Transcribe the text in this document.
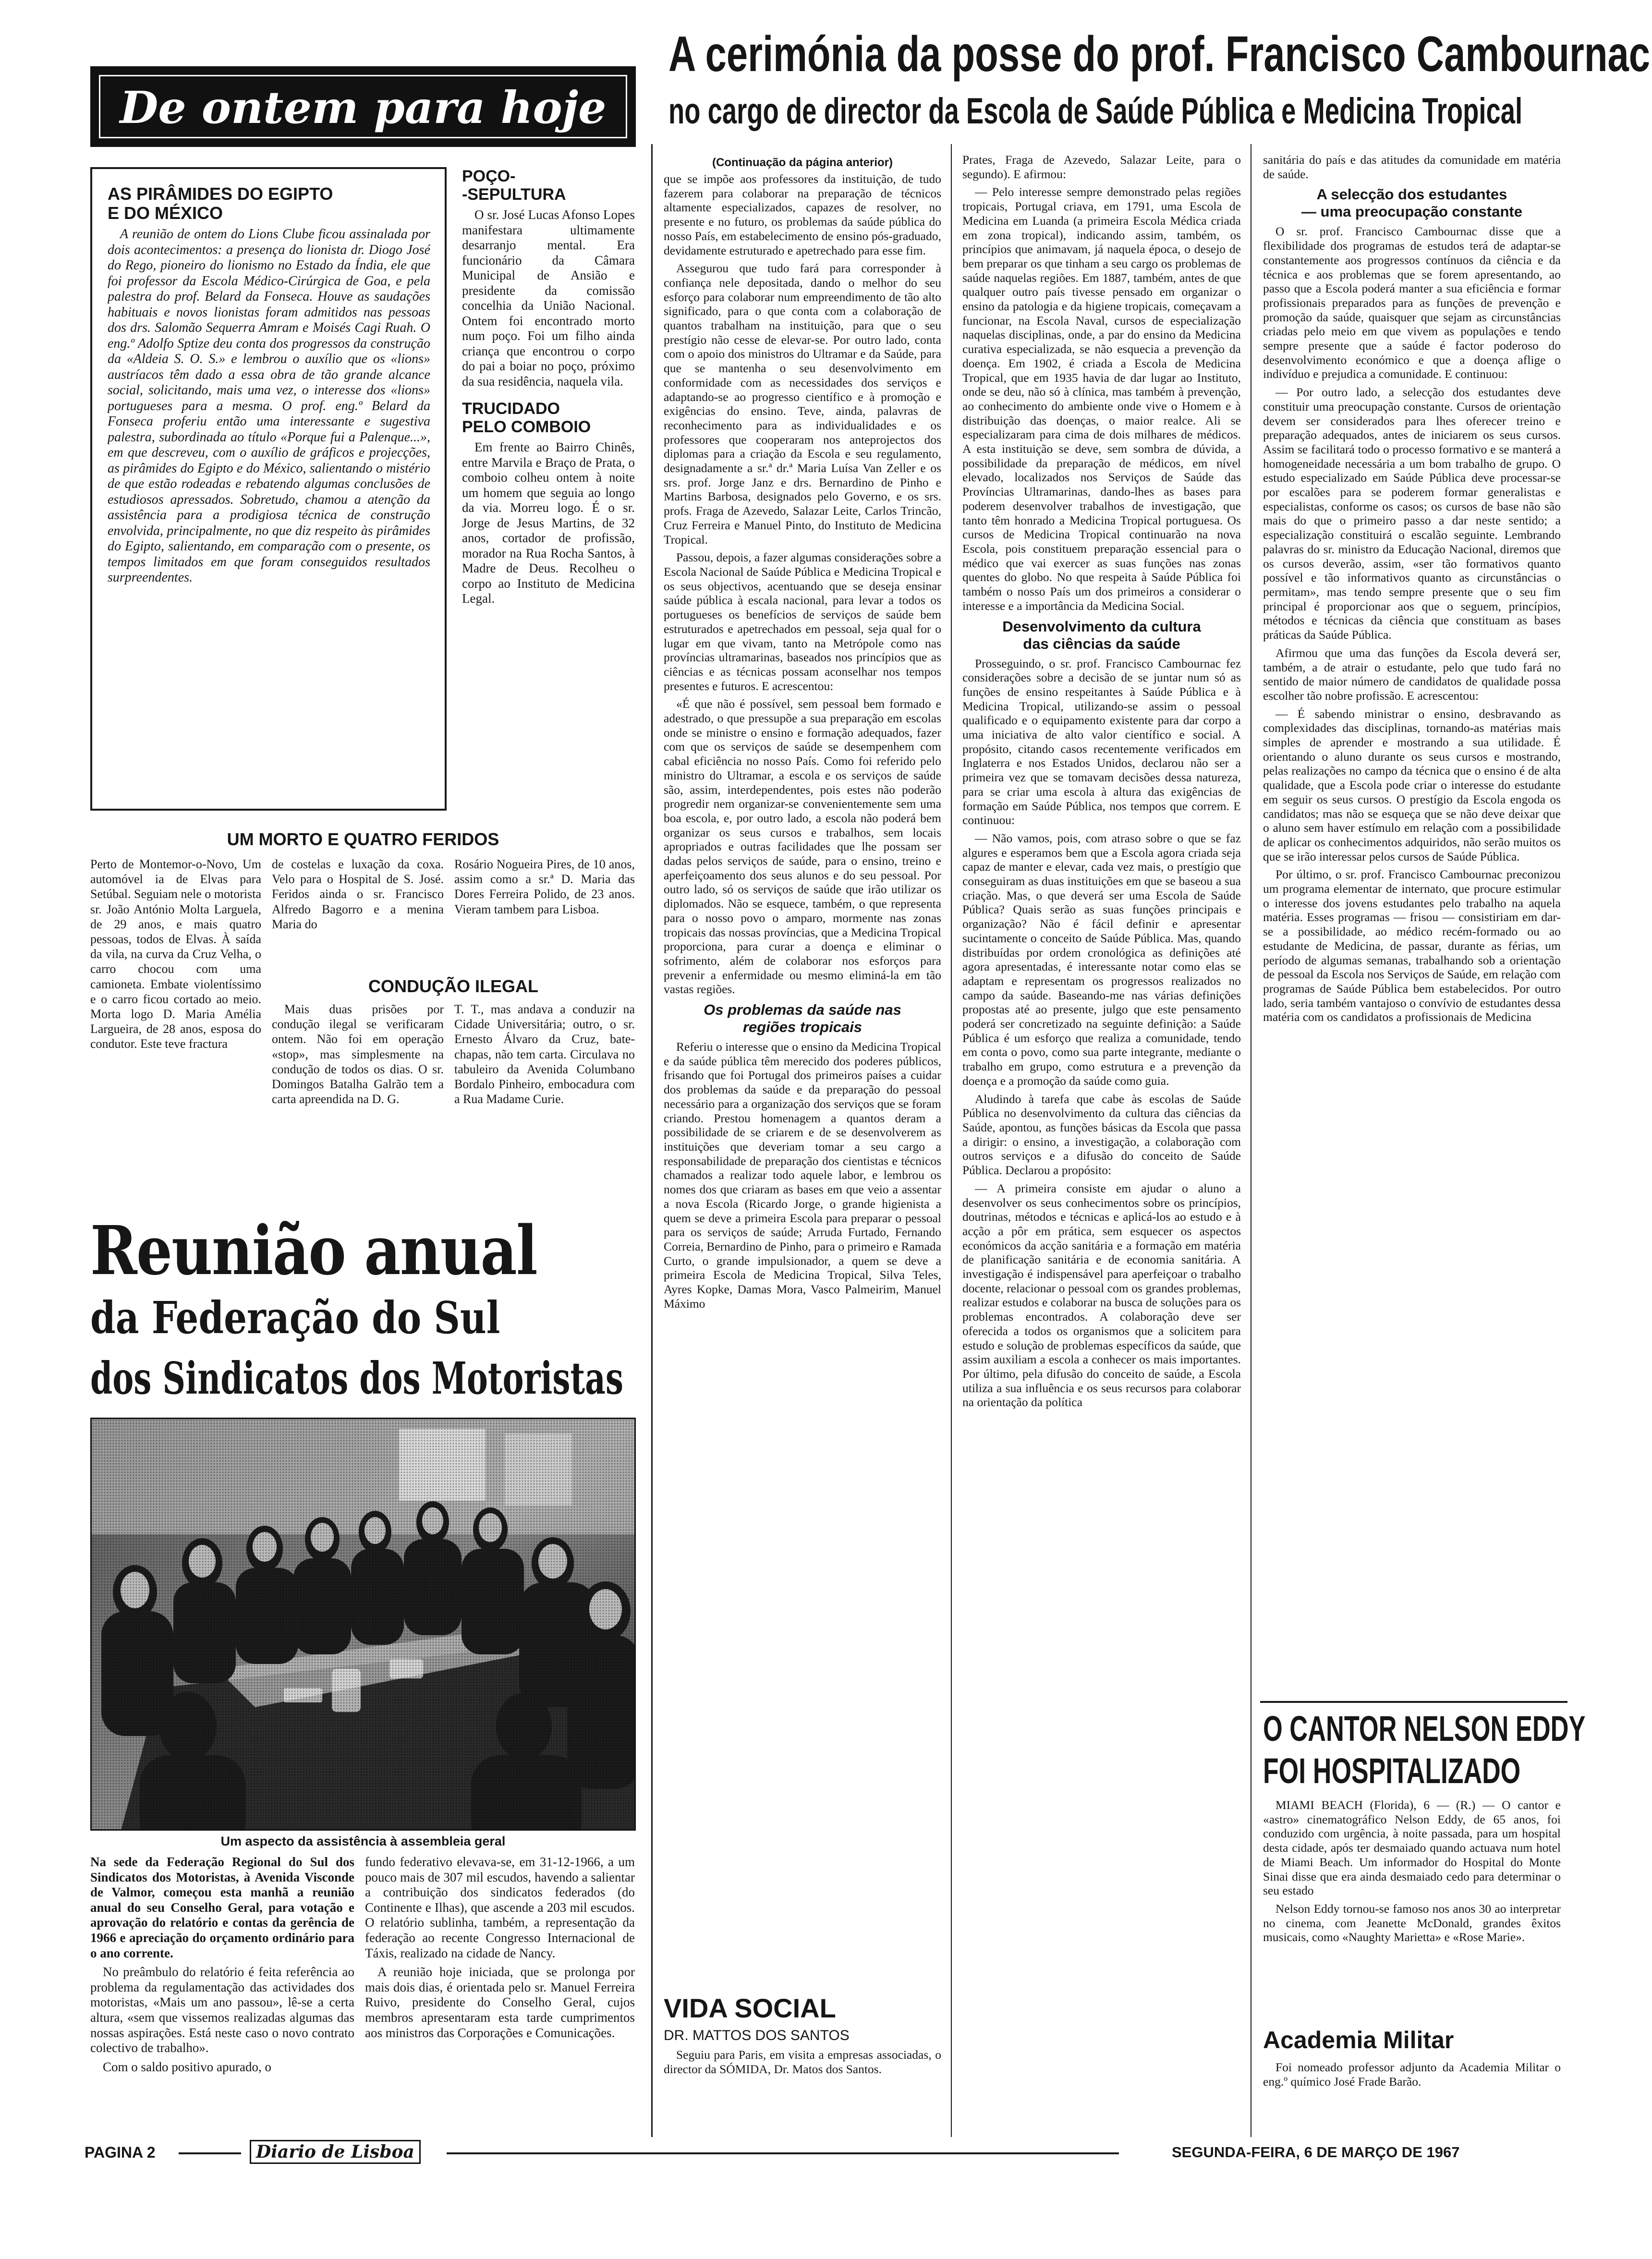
De ontem para hoje
A cerimónia da posse do prof. Francisco Cambournac
no cargo de director da Escola de Saúde Pública e Medicina Tropical
AS PIRÂMIDES DO EGIPTO
E DO MÉXICO

A reunião de ontem do Lions Clube ficou assinalada por dois acontecimentos: a presença do lionista dr. Diogo José do Rego, pioneiro do lionismo no Estado da Índia, ele que foi professor da Escola Médico-Cirúrgica de Goa, e pela palestra do prof. Belard da Fonseca. Houve as saudações habituais e novos lionistas foram admitidos nas pessoas dos drs. Salomão Sequerra Amram e Moisés Cagi Ruah. O eng.º Adolfo Sptize deu conta dos progressos da construção da «Aldeia S. O. S.» e lembrou o auxílio que os «lions» austríacos têm dado a essa obra de tão grande alcance social, solicitando, mais uma vez, o interesse dos «lions» portugueses para a mesma. O prof. eng.º Belard da Fonseca proferiu então uma interessante e sugestiva palestra, subordinada ao título «Porque fui a Palenque...», em que descreveu, com o auxílio de gráficos e projecções, as pirâmides do Egipto e do México, salientando o mistério de que estão rodeadas e rebatendo algumas conclusões de estudiosos apressados. Sobretudo, chamou a atenção da assistência para a prodigiosa técnica de construção envolvida, principalmente, no que diz respeito às pirâmides do Egipto, salientando, em comparação com o presente, os tempos limitados em que foram conseguidos resultados surpreendentes.

POÇO-
-SEPULTURA

O sr. José Lucas Afonso Lopes manifestara ultimamente desarranjo mental. Era funcionário da Câmara Municipal de Ansião e presidente da comissão concelhia da União Nacional. Ontem foi encontrado morto num poço. Foi um filho ainda criança que encontrou o corpo do pai a boiar no poço, próximo da sua residência, naquela vila.

TRUCIDADO
PELO COMBOIO

Em frente ao Bairro Chinês, entre Marvila e Braço de Prata, o comboio colheu ontem à noite um homem que seguia ao longo da via. Morreu logo. É o sr. Jorge de Jesus Martins, de 32 anos, cortador de profissão, morador na Rua Rocha Santos, à Madre de Deus. Recolheu o corpo ao Instituto de Medicina Legal.

UM MORTO E QUATRO FERIDOS

Perto de Montemor-o-Novo, Um automóvel ia de Elvas para Setúbal. Seguiam nele o motorista sr. João António Molta Larguela, de 29 anos, e mais quatro pessoas, todos de Elvas. À saída da vila, na curva da Cruz Velha, o carro chocou com uma camioneta. Embate violentíssimo e o carro ficou cortado ao meio. Morta logo D. Maria Amélia Largueira, de 28 anos, esposa do condutor. Este teve fractura

de costelas e luxação da coxa. Velo para o Hospital de S. José. Feridos ainda o sr. Francisco Alfredo Bagorro e a menina Maria do

Rosário Nogueira Pires, de 10 anos, assim como a sr.ª D. Maria das Dores Ferreira Polido, de 23 anos. Vieram tambem para Lisboa.

CONDUÇÃO ILEGAL

Mais duas prisões por condução ilegal se verificaram ontem. Não foi em operação «stop», mas simplesmente na condução de todos os dias. O sr. Domingos Batalha Galrão tem a carta apreendida na D. G.

T. T., mas andava a conduzir na Cidade Universitária; outro, o sr. Ernesto Álvaro da Cruz, bate-chapas, não tem carta. Circulava no tabuleiro da Avenida Columbano Bordalo Pinheiro, embocadura com a Rua Madame Curie.

Reunião anual
da Federação do Sul
dos Sindicatos dos Motoristas
Um aspecto da assistência à assembleia geral

Na sede da Federação Regional do Sul dos Sindicatos dos Motoristas, à Avenida Visconde de Valmor, começou esta manhã a reunião anual do seu Conselho Geral, para votação e aprovação do relatório e contas da gerência de 1966 e apreciação do orçamento ordinário para o ano corrente.

No preâmbulo do relatório é feita referência ao problema da regulamentação das actividades dos motoristas, «Mais um ano passou», lê-se a certa altura, «sem que vissemos realizadas algumas das nossas aspirações. Está neste caso o novo contrato colectivo de trabalho».

Com o saldo positivo apurado, o

fundo federativo elevava-se, em 31-12-1966, a um pouco mais de 307 mil escudos, havendo a salientar a contribuição dos sindicatos federados (do Continente e Ilhas), que ascende a 203 mil escudos. O relatório sublinha, também, a representação da federação ao recente Congresso Internacional de Táxis, realizado na cidade de Nancy.

A reunião hoje iniciada, que se prolonga por mais dois dias, é orientada pelo sr. Manuel Ferreira Ruivo, presidente do Conselho Geral, cujos membros apresentaram esta tarde cumprimentos aos ministros das Corporações e Comunicações.

(Continuação da página anterior)

que se impõe aos professores da instituição, de tudo fazerem para colaborar na preparação de técnicos altamente especializados, capazes de resolver, no presente e no futuro, os problemas da saúde pública do nosso País, em estabelecimento de ensino pós-graduado, devidamente estruturado e apetrechado para esse fim.

Assegurou que tudo fará para corresponder à confiança nele depositada, dando o melhor do seu esforço para colaborar num empreendimento de tão alto significado, para o que conta com a colaboração de quantos trabalham na instituição, para que o seu prestígio não cesse de elevar-se. Por outro lado, conta com o apoio dos ministros do Ultramar e da Saúde, para que se mantenha o seu desenvolvimento em conformidade com as necessidades dos serviços e adaptando-se ao progresso científico e à promoção e exigências do ensino. Teve, ainda, palavras de reconhecimento para as individualidades e os professores que cooperaram nos anteprojectos dos diplomas para a criação da Escola e seu regulamento, designadamente a sr.ª dr.ª Maria Luísa Van Zeller e os srs. prof. Jorge Janz e drs. Bernardino de Pinho e Martins Barbosa, designados pelo Governo, e os srs. profs. Fraga de Azevedo, Salazar Leite, Carlos Trincão, Cruz Ferreira e Manuel Pinto, do Instituto de Medicina Tropical.

Passou, depois, a fazer algumas considerações sobre a Escola Nacional de Saúde Pública e Medicina Tropical e os seus objectivos, acentuando que se deseja ensinar saúde pública à escala nacional, para levar a todos os portugueses os benefícios de serviços de saúde bem estruturados e apetrechados em pessoal, seja qual for o lugar em que vivam, tanto na Metrópole como nas províncias ultramarinas, baseados nos princípios que as ciências e as técnicas possam aconselhar nos tempos presentes e futuros. E acrescentou:

«É que não é possível, sem pessoal bem formado e adestrado, o que pressupõe a sua preparação em escolas onde se ministre o ensino e formação adequados, fazer com que os serviços de saúde se desempenhem com cabal eficiência no nosso País. Como foi referido pelo ministro do Ultramar, a escola e os serviços de saúde são, assim, interdependentes, pois estes não poderão progredir nem organizar-se convenientemente sem uma boa escola, e, por outro lado, a escola não poderá bem organizar os seus cursos e trabalhos, sem locais apropriados e outras facilidades que lhe possam ser dadas pelos serviços de saúde, para o ensino, treino e aperfeiçoamento dos seus alunos e do seu pessoal. Por outro lado, só os serviços de saúde que irão utilizar os diplomados. Não se esquece, também, o que representa para o nosso povo o amparo, mormente nas zonas tropicais das nossas províncias, que a Medicina Tropical proporciona, para curar a doença e eliminar o sofrimento, além de colaborar nos esforços para prevenir a enfermidade ou mesmo eliminá-la em tão vastas regiões.

Os problemas da saúde nas
regiões tropicais

Referiu o interesse que o ensino da Medicina Tropical e da saúde pública têm merecido dos poderes públicos, frisando que foi Portugal dos primeiros países a cuidar dos problemas da saúde e da preparação do pessoal necessário para a organização dos serviços que se foram criando. Prestou homenagem a quantos deram a possibilidade de se criarem e de se desenvolverem as instituições que deveriam tomar a seu cargo a responsabilidade de preparação dos cientistas e técnicos chamados a realizar todo aquele labor, e lembrou os nomes dos que criaram as bases em que veio a assentar a nova Escola (Ricardo Jorge, o grande higienista a quem se deve a primeira Escola para preparar o pessoal para os serviços de saúde; Arruda Furtado, Fernando Correia, Bernardino de Pinho, para o primeiro e Ramada Curto, o grande impulsionador, a quem se deve a primeira Escola de Medicina Tropical, Silva Teles, Ayres Kopke, Damas Mora, Vasco Palmeirim, Manuel Máximo

VIDA SOCIAL
DR. MATTOS DOS SANTOS

Seguiu para Paris, em visita a empresas associadas, o director da SÓMIDA, Dr. Matos dos Santos.

Prates, Fraga de Azevedo, Salazar Leite, para o segundo). E afirmou:

— Pelo interesse sempre demonstrado pelas regiões tropicais, Portugal criava, em 1791, uma Escola de Medicina em Luanda (a primeira Escola Médica criada em zona tropical), indicando assim, também, os princípios que animavam, já naquela época, o desejo de bem preparar os que tinham a seu cargo os problemas de saúde naquelas regiões. Em 1887, também, antes de que qualquer outro país tivesse pensado em organizar o ensino da patologia e da higiene tropicais, começavam a funcionar, na Escola Naval, cursos de especialização naquelas disciplinas, onde, a par do ensino da Medicina curativa especializada, se não esquecia a prevenção da doença. Em 1902, é criada a Escola de Medicina Tropical, que em 1935 havia de dar lugar ao Instituto, onde se deu, não só à clínica, mas também à prevenção, ao conhecimento do ambiente onde vive o Homem e à distribuição das doenças, o maior realce. Ali se especializaram para cima de dois milhares de médicos. A esta instituição se deve, sem sombra de dúvida, a possibilidade da preparação de médicos, em nível elevado, localizados nos Serviços de Saúde das Províncias Ultramarinas, dando-lhes as bases para poderem desenvolver trabalhos de investigação, que tanto têm honrado a Medicina Tropical portuguesa. Os cursos de Medicina Tropical continuarão na nova Escola, pois constituem preparação essencial para o médico que vai exercer as suas funções nas zonas quentes do globo. No que respeita à Saúde Pública foi também o nosso País um dos primeiros a considerar o interesse e a importância da Medicina Social.

Desenvolvimento da cultura
das ciências da saúde

Prosseguindo, o sr. prof. Francisco Cambournac fez considerações sobre a decisão de se juntar num só as funções de ensino respeitantes à Saúde Pública e à Medicina Tropical, utilizando-se assim o pessoal qualificado e o equipamento existente para dar corpo a uma iniciativa de alto valor científico e social. A propósito, citando casos recentemente verificados em Inglaterra e nos Estados Unidos, declarou não ser a primeira vez que se tomavam decisões dessa natureza, para se criar uma escola à altura das exigências de formação em Saúde Pública, nos tempos que correm. E continuou:

— Não vamos, pois, com atraso sobre o que se faz algures e esperamos bem que a Escola agora criada seja capaz de manter e elevar, cada vez mais, o prestígio que conseguiram as duas instituições em que se baseou a sua criação. Mas, o que deverá ser uma Escola de Saúde Pública? Quais serão as suas funções principais e organização? Não é fácil definir e apresentar sucintamente o conceito de Saúde Pública. Mas, quando distribuídas por ordem cronológica as definições até agora apresentadas, é interessante notar como elas se adaptam e representam os progressos realizados no campo da saúde. Baseando-me nas várias definições propostas até ao presente, julgo que este pensamento poderá ser concretizado na seguinte definição: a Saúde Pública é um esforço que realiza a comunidade, tendo em conta o povo, como sua parte integrante, mediante o trabalho em grupo, como estrutura e a prevenção da doença e a promoção da saúde como guia.

Aludindo à tarefa que cabe às escolas de Saúde Pública no desenvolvimento da cultura das ciências da Saúde, apontou, as funções básicas da Escola que passa a dirigir: o ensino, a investigação, a colaboração com outros serviços e a difusão do conceito de Saúde Pública. Declarou a propósito:

— A primeira consiste em ajudar o aluno a desenvolver os seus conhecimentos sobre os princípios, doutrinas, métodos e técnicas e aplicá-los ao estudo e à acção a pôr em prática, sem esquecer os aspectos económicos da acção sanitária e a formação em matéria de planificação sanitária e de economia sanitária. A investigação é indispensável para aperfeiçoar o trabalho docente, relacionar o pessoal com os grandes problemas, realizar estudos e colaborar na busca de soluções para os problemas encontrados. A colaboração deve ser oferecida a todos os organismos que a solicitem para estudo e solução de problemas específicos da saúde, que assim auxiliam a escola a conhecer os mais importantes. Por último, pela difusão do conceito de saúde, a Escola utiliza a sua influência e os seus recursos para colaborar na orientação da política

sanitária do país e das atitudes da comunidade em matéria de saúde.

A selecção dos estudantes
— uma preocupação constante

O sr. prof. Francisco Cambournac disse que a flexibilidade dos programas de estudos terá de adaptar-se constantemente aos progressos contínuos da ciência e da técnica e aos problemas que se forem apresentando, ao passo que a Escola poderá manter a sua eficiência e formar profissionais preparados para as funções de prevenção e promoção da saúde, quaisquer que sejam as circunstâncias criadas pelo meio em que vivem as populações e tendo sempre presente que a saúde é factor poderoso do desenvolvimento económico e que a doença aflige o indivíduo e prejudica a comunidade. E continuou:

— Por outro lado, a selecção dos estudantes deve constituir uma preocupação constante. Cursos de orientação devem ser considerados para lhes oferecer treino e preparação adequados, antes de iniciarem os seus cursos. Assim se facilitará todo o processo formativo e se manterá a homogeneidade necessária a um bom trabalho de grupo. O estudo especializado em Saúde Pública deve processar-se por escalões para se poderem formar generalistas e especialistas, conforme os casos; os cursos de base não são mais do que o primeiro passo a dar neste sentido; a especialização constituirá o escalão seguinte. Lembrando palavras do sr. ministro da Educação Nacional, diremos que os cursos deverão, assim, «ser tão formativos quanto possível e tão informativos quanto as circunstâncias o permitam», mas tendo sempre presente que o seu fim principal é proporcionar aos que o seguem, princípios, métodos e técnicas da ciência que constituam as bases práticas da Saúde Pública.

Afirmou que uma das funções da Escola deverá ser, também, a de atrair o estudante, pelo que tudo fará no sentido de maior número de candidatos de qualidade possa escolher tão nobre profissão. E acrescentou:

— É sabendo ministrar o ensino, desbravando as complexidades das disciplinas, tornando-as matérias mais simples de aprender e mostrando a sua utilidade. É orientando o aluno durante os seus cursos e mostrando, pelas realizações no campo da técnica que o ensino é de alta qualidade, que a Escola pode criar o interesse do estudante em seguir os seus cursos. O prestígio da Escola engoda os candidatos; mas não se esqueça que se não deve deixar que o aluno sem haver estímulo em relação com a possibilidade de aplicar os conhecimentos adquiridos, não serão muitos os que se irão interessar pelos cursos de Saúde Pública.

Por último, o sr. prof. Francisco Cambournac preconizou um programa elementar de internato, que procure estimular o interesse dos jovens estudantes pelo trabalho na aquela matéria. Esses programas — frisou — consistiriam em dar-se a possibilidade, ao médico recém-formado ou ao estudante de Medicina, de passar, durante as férias, um período de algumas semanas, trabalhando sob a orientação de pessoal da Escola nos Serviços de Saúde, em relação com programas de Saúde Pública bem estabelecidos. Por outro lado, seria também vantajoso o convívio de estudantes dessa matéria com os candidatos a profissionais de Medicina

O CANTOR NELSON EDDY
FOI HOSPITALIZADO

MIAMI BEACH (Florida), 6 — (R.) — O cantor e «astro» cinematográfico Nelson Eddy, de 65 anos, foi conduzido com urgência, à noite passada, para um hospital desta cidade, após ter desmaiado quando actuava num hotel de Miami Beach. Um informador do Hospital do Monte Sinai disse que era ainda desmaiado cedo para determinar o seu estado

Nelson Eddy tornou-se famoso nos anos 30 ao interpretar no cinema, com Jeanette McDonald, grandes êxitos musicais, como «Naughty Marietta» e «Rose Marie».

Academia Militar

Foi nomeado professor adjunto da Academia Militar o eng.º químico José Frade Barão.

PAGINA 2	Diario de Lisboa	SEGUNDA-FEIRA, 6 DE MARÇO DE 1967
